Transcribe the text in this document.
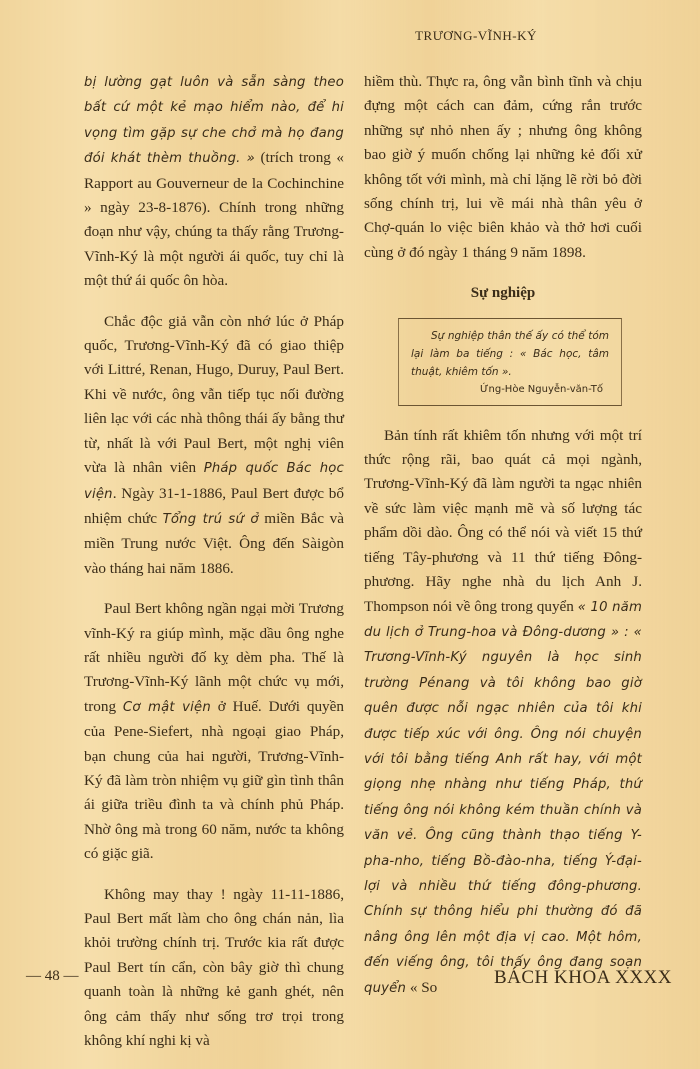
TRƯƠNG-VĨNH-KÝ

bị lường gạt luôn và sẵn sàng theo bất cứ một kẻ mạo hiểm nào, để hi vọng tìm gặp sự che chở mà họ đang đói khát thèm thuồng. » (trích trong « Rapport au Gouverneur de la Cochinchine » ngày 23-8-1876). Chính trong những đoạn như vậy, chúng ta thấy rằng Trương-Vĩnh-Ký là một người ái quốc, tuy chỉ là một thứ ái quốc ôn hòa.

Chắc độc giả vẫn còn nhớ lúc ở Pháp quốc, Trương-Vĩnh-Ký đã có giao thiệp với Littré, Renan, Hugo, Duruy, Paul Bert. Khi về nước, ông vẫn tiếp tục nối đường liên lạc với các nhà thông thái ấy bằng thư từ, nhất là với Paul Bert, một nghị viên vừa là nhân viên Pháp quốc Bác học viện. Ngày 31-1-1886, Paul Bert được bổ nhiệm chức Tổng trú sứ ở miền Bắc và miền Trung nước Việt. Ông đến Sàigòn vào tháng hai năm 1886.

Paul Bert không ngần ngại mời Trương vĩnh-Ký ra giúp mình, mặc dầu ông nghe rất nhiều người đố kỵ dèm pha. Thế là Trương-Vĩnh-Ký lãnh một chức vụ mới, trong Cơ mật viện ở Huế. Dưới quyền của Pene-Siefert, nhà ngoại giao Pháp, bạn chung của hai người, Trương-Vĩnh-Ký đã làm tròn nhiệm vụ giữ gìn tình thân ái giữa triều đình ta và chính phủ Pháp. Nhờ ông mà trong 60 năm, nước ta không có giặc giã.

Không may thay ! ngày 11-11-1886, Paul Bert mất làm cho ông chán nản, lìa khỏi trường chính trị. Trước kia rất được Paul Bert tín cẩn, còn bây giờ thì chung quanh toàn là những kẻ ganh ghét, nên ông cảm thấy như sống trơ trọi trong không khí nghi kị và

hiềm thù. Thực ra, ông vẫn bình tĩnh và chịu đựng một cách can đảm, cứng rắn trước những sự nhỏ nhen ấy ; nhưng ông không bao giờ ý muốn chống lại những kẻ đối xử không tốt với mình, mà chỉ lặng lẽ rời bỏ đời sống chính trị, lui về mái nhà thân yêu ở Chợ-quán lo việc biên khảo và thở hơi cuối cùng ở đó ngày 1 tháng 9 năm 1898.

Sự nghiệp

Sự nghiệp thân thế ấy có thể tóm lại làm ba tiếng : « Bác học, tâm thuật, khiêm tốn ».

Ứng-Hòe Nguyễn-văn-Tố

Bản tính rất khiêm tốn nhưng với một trí thức rộng rãi, bao quát cả mọi ngành, Trương-Vĩnh-Ký đã làm người ta ngạc nhiên về sức làm việc mạnh mẽ và số lượng tác phẩm dồi dào. Ông có thể nói và viết 15 thứ tiếng Tây-phương và 11 thứ tiếng Đông-phương. Hãy nghe nhà du lịch Anh J. Thompson nói về ông trong quyển « 10 năm du lịch ở Trung-hoa và Đông-dương » : « Trương-Vĩnh-Ký nguyên là học sinh trường Pénang và tôi không bao giờ quên được nỗi ngạc nhiên của tôi khi được tiếp xúc với ông. Ông nói chuyện với tôi bằng tiếng Anh rất hay, với một giọng nhẹ nhàng như tiếng Pháp, thứ tiếng ông nói không kém thuần chính và văn vẻ. Ông cũng thành thạo tiếng Y-pha-nho, tiếng Bồ-đào-nha, tiếng Ý-đại-lợi và nhiều thứ tiếng đông-phương. Chính sự thông hiểu phi thường đó đã nâng ông lên một địa vị cao. Một hôm, đến viếng ông, tôi thấy ông đang soạn quyển « So

— 48 —	BÁCH KHOA XXXX
